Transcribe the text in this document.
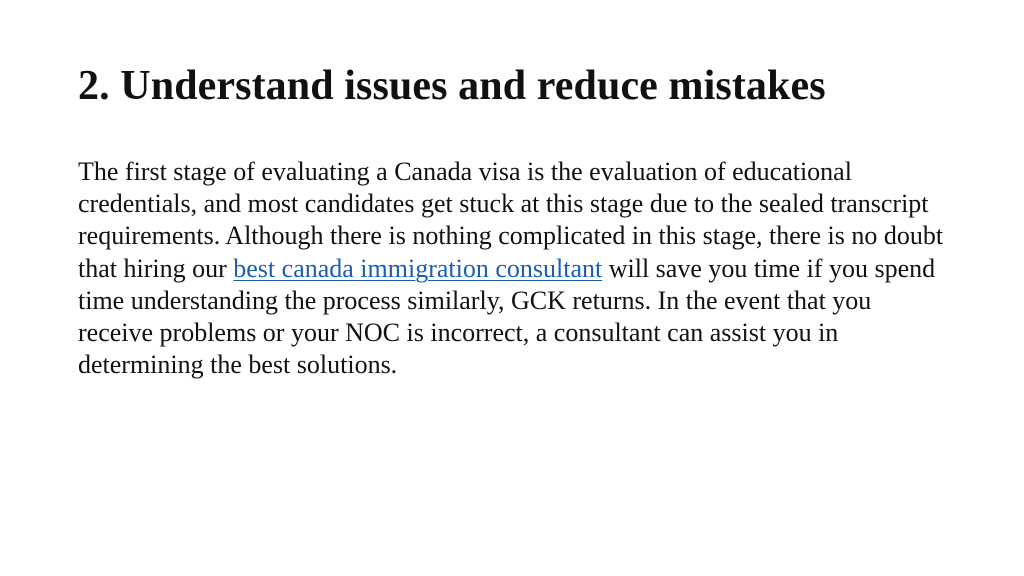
2. Understand issues and reduce mistakes

The first stage of evaluating a Canada visa is the evaluation of educational credentials, and most candidates get stuck at this stage due to the sealed transcript requirements. Although there is nothing complicated in this stage, there is no doubt that hiring our best canada immigration consultant will save you time if you spend time understanding the process similarly, GCK returns. In the event that you receive problems or your NOC is incorrect, a consultant can assist you in determining the best solutions.
